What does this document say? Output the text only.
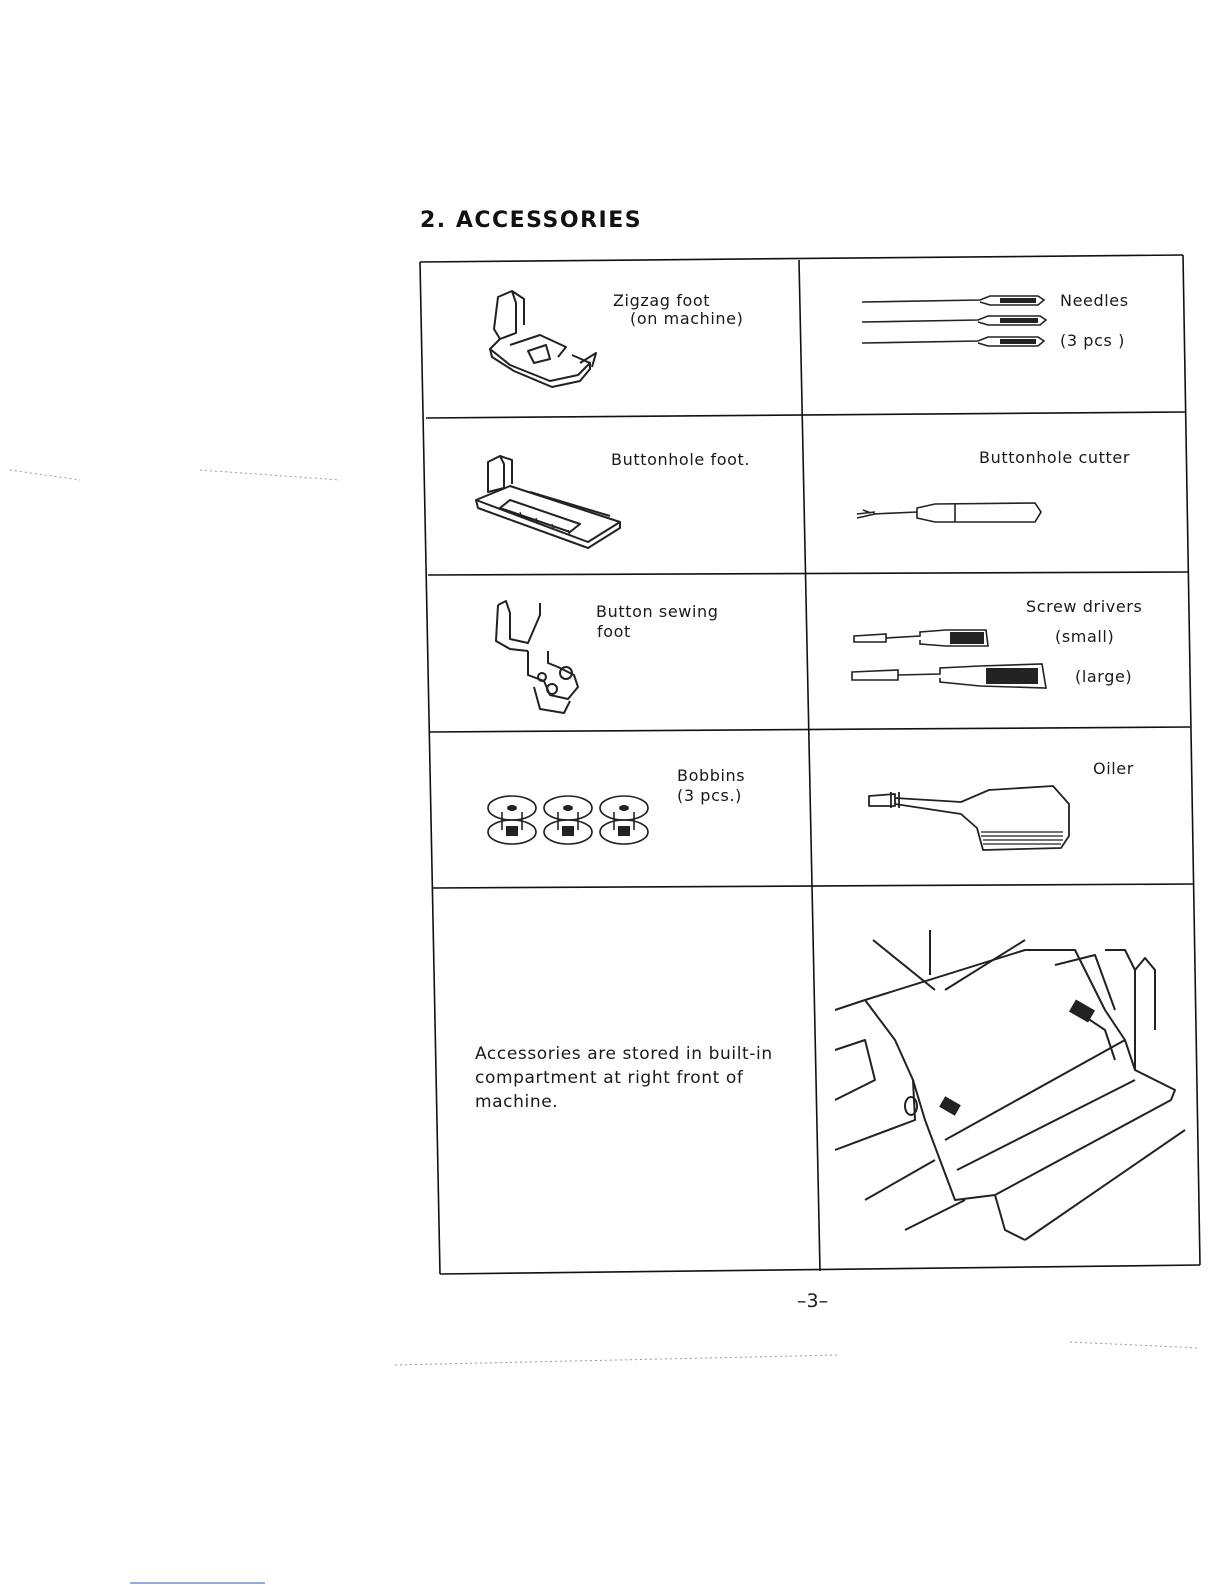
2. ACCESSORIES
Zigzag foot
(on machine)
Needles
(3 pcs )
Buttonhole foot.	Buttonhole cutter
Button sewing
foot
Screw drivers
(small)
(large)
Bobbins
(3 pcs.)
Oiler
Accessories are stored in built-in compartment at right front of machine.
–3–
